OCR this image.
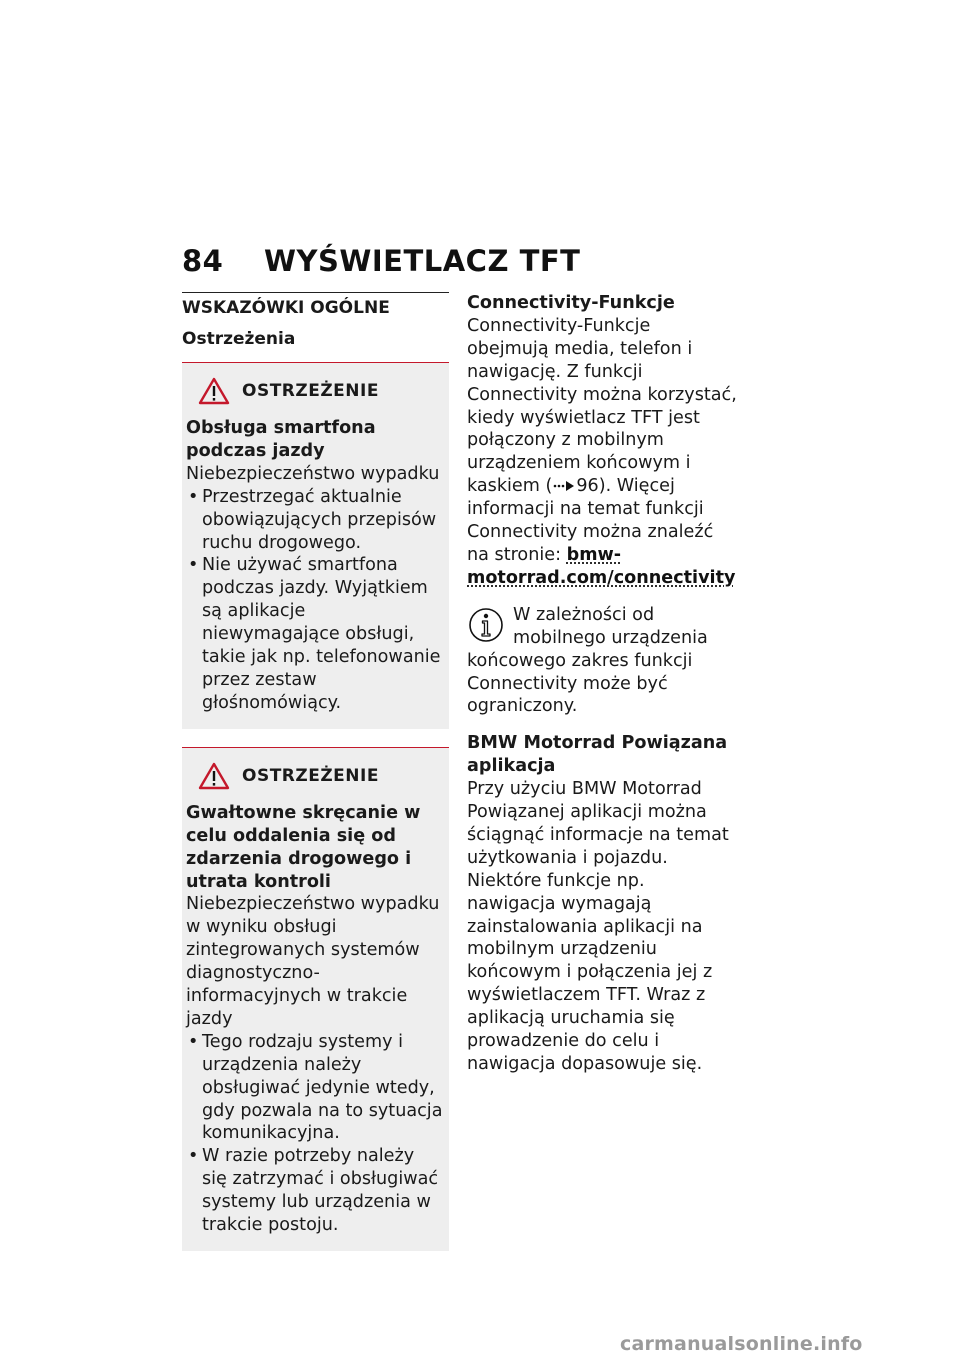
84 WYŚWIETLACZ TFT

WSKAZÓWKI OGÓLNE

Ostrzeżenia

OSTRZEŻENIE

Obsługa smartfona podczas jazdy

Niebezpieczeństwo wypadku

• Przestrzegać aktualnie obowiązujących przepisów ruchu drogowego.
• Nie używać smartfona podczas jazdy. Wyjątkiem są aplikacje niewymagające obsługi, takie jak np. telefonowanie przez zestaw głośnomówiący.
OSTRZEŻENIE

Gwałtowne skręcanie w celu oddalenia się od zdarzenia drogowego i utrata kontroli

Niebezpieczeństwo wypadku w wyniku obsługi zintegrowanych systemów diagnostyczno-informacyjnych w trakcie jazdy

• Tego rodzaju systemy i urządzenia należy obsługiwać jedynie wtedy, gdy pozwala na to sytuacja komunikacyjna.
• W razie potrzeby należy się zatrzymać i obsługiwać systemy lub urządzenia w trakcie postoju.

Connectivity-Funkcje

Connectivity-Funkcje obejmują media, telefon i nawigację. Z funkcji Connectivity można korzystać, kiedy wyświetlacz TFT jest połączony z mobilnym urządzeniem końcowym i kaskiem ( 96). Więcej informacji na temat funkcji Connectivity można znaleźć na stronie: bmw-motorrad.com/connectivity

W zależności od mobilnego urządzenia końcowego zakres funkcji Connectivity może być ograniczony.

BMW Motorrad Powiązana aplikacja

Przy użyciu BMW Motorrad Powiązanej aplikacji można ściągnąć informacje na temat użytkowania i pojazdu. Niektóre funkcje np. nawigacja wymagają zainstalowania aplikacji na mobilnym urządzeniu końcowym i połączenia jej z wyświetlaczem TFT. Wraz z aplikacją uruchamia się prowadzenie do celu i nawigacja dopasowuje się.

carmanualsonline.info
